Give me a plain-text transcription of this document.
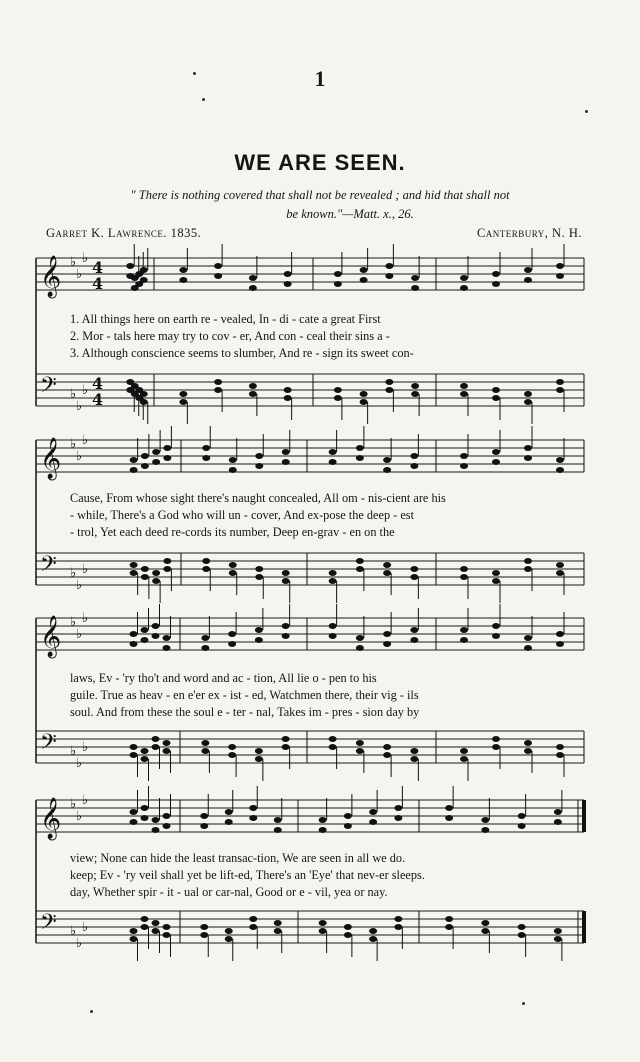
1
WE ARE SEEN.
" There is nothing covered that shall not be revealed ; and hid that shall not
be known."—Matt. x., 26.
Garret K. Lawrence. 1835.	Canterbury, N. H.
𝄞 ♭
♭
♭ 4
4
𝄢 ♭
♭
♭ 4
4
𝄞 ♭
♭
♭
𝄢 ♭
♭
♭
𝄞 ♭
♭
♭
𝄢 ♭
♭
♭
𝄞 ♭
♭
♭
𝄢 ♭
♭
♭
1. All things here on earth re - vealed, In - di - cate a great First
2. Mor - tals here may try to cov - er, And con - ceal their sins a -
3. Although conscience seems to slumber, And re - sign its sweet con-
Cause, From whose sight there's naught concealed, All om - nis-cient are his
- while, There's a God who will un - cover, And ex-pose the deep - est
- trol, Yet each deed re-cords its number, Deep en-grav - en on the
laws, Ev - 'ry tho't and word and ac - tion, All lie o - pen to his
guile. True as heav - en e'er ex - ist - ed, Watchmen there, their vig - ils
soul. And from these the soul e - ter - nal, Takes im - pres - sion day by
view; None can hide the least transac-tion, We are seen in all we do.
keep; Ev - 'ry veil shall yet be lift-ed, There's an 'Eye' that nev-er sleeps.
day, Whether spir - it - ual or car-nal, Good or e - vil, yea or nay.
